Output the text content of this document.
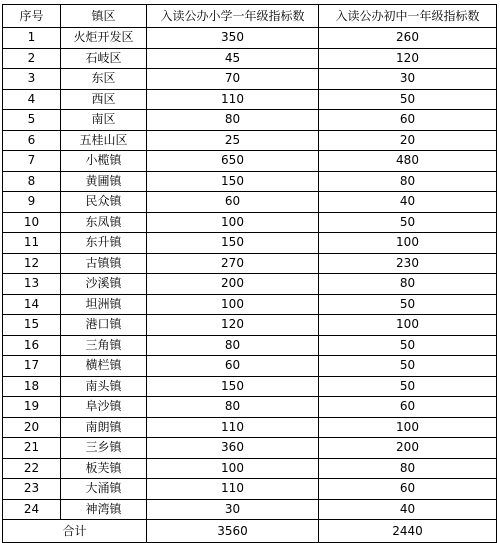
序号	镇区	入读公办小学一年级指标数	入读公办初中一年级指标数
1	火炬开发区	350	260
2	石岐区	45	120
3	东区	70	30
4	西区	110	50
5	南区	80	60
6	五桂山区	25	20
7	小榄镇	650	480
8	黄圃镇	150	80
9	民众镇	60	40
10	东凤镇	100	50
11	东升镇	150	100
12	古镇镇	270	230
13	沙溪镇	200	80
14	坦洲镇	100	50
15	港口镇	120	100
16	三角镇	80	50
17	横栏镇	60	50
18	南头镇	150	50
19	阜沙镇	80	60
20	南朗镇	110	100
21	三乡镇	360	200
22	板芙镇	100	80
23	大涌镇	110	60
24	神湾镇	30	40
合计		3560	2440
